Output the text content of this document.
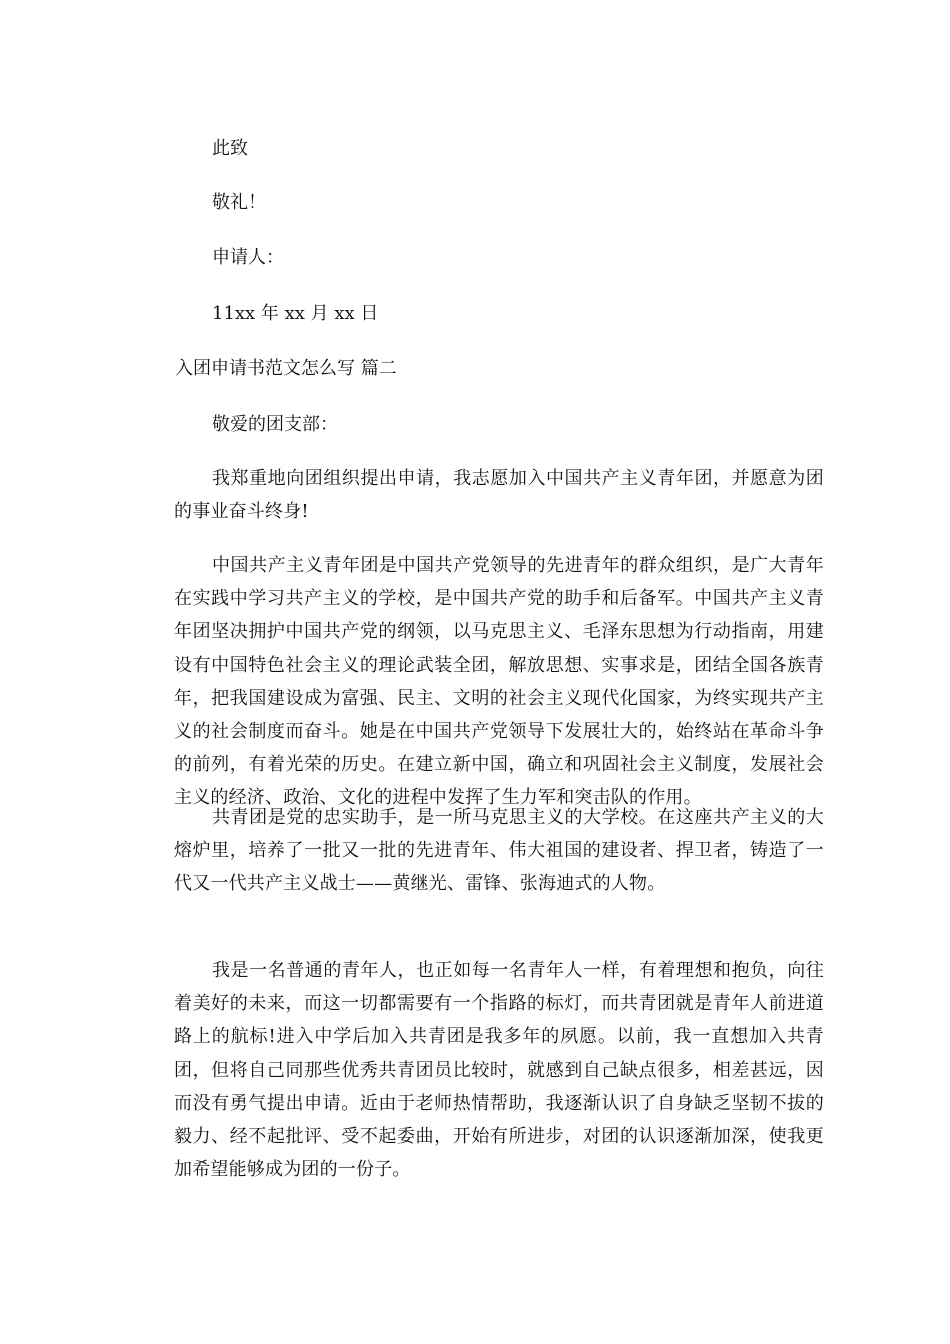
此致

敬礼！

申请人：

11xx 年 xx 月 xx 日

入团申请书范文怎么写 篇二

敬爱的团支部：

我郑重地向团组织提出申请，我志愿加入中国共产主义青年团，并愿意为团的事业奋斗终身!

中国共产主义青年团是中国共产党领导的先进青年的群众组织，是广大青年在实践中学习共产主义的学校，是中国共产党的助手和后备军。中国共产主义青年团坚决拥护中国共产党的纲领，以马克思主义、毛泽东思想为行动指南，用建设有中国特色社会主义的理论武装全团，解放思想、实事求是，团结全国各族青年，把我国建设成为富强、民主、文明的社会主义现代化国家，为终实现共产主义的社会制度而奋斗。她是在中国共产党领导下发展壮大的，始终站在革命斗争的前列，有着光荣的历史。在建立新中国，确立和巩固社会主义制度，发展社会主义的经济、政治、文化的进程中发挥了生力军和突击队的作用。

共青团是党的忠实助手，是一所马克思主义的大学校。在这座共产主义的大熔炉里，培养了一批又一批的先进青年、伟大祖国的建设者、捍卫者，铸造了一代又一代共产主义战士——黄继光、雷锋、张海迪式的人物。

我是一名普通的青年人，也正如每一名青年人一样，有着理想和抱负，向往着美好的未来，而这一切都需要有一个指路的标灯，而共青团就是青年人前进道路上的航标!进入中学后加入共青团是我多年的夙愿。以前，我一直想加入共青团，但将自己同那些优秀共青团员比较时，就感到自己缺点很多，相差甚远，因而没有勇气提出申请。近由于老师热情帮助，我逐渐认识了自身缺乏坚韧不拔的毅力、经不起批评、受不起委曲，开始有所进步，对团的认识逐渐加深，使我更加希望能够成为团的一份子。
